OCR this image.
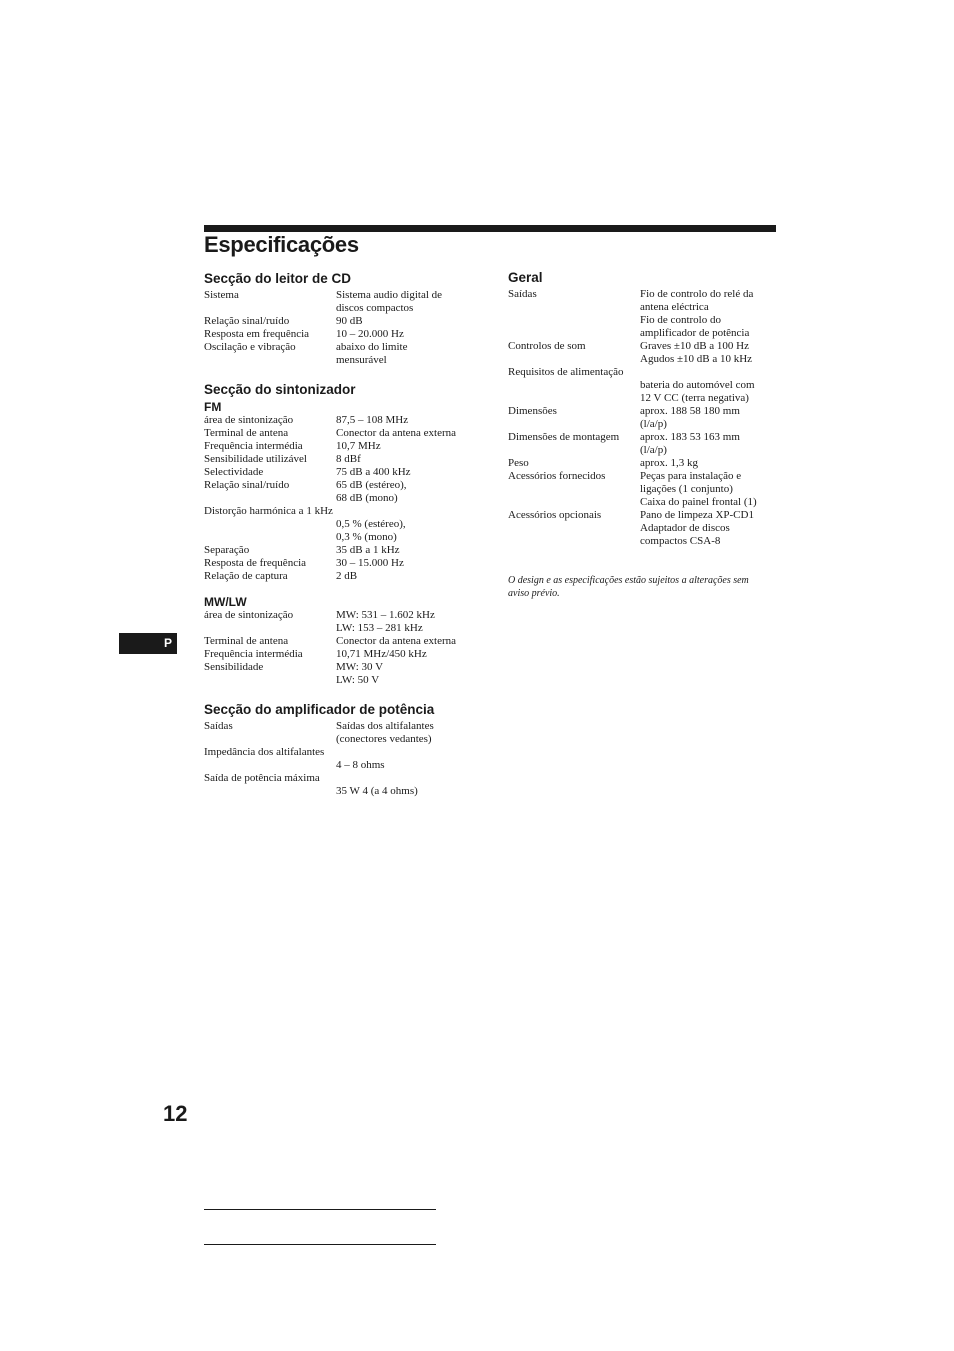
Especificações
Secção do leitor de CD
Sistema	Sistema audio digital de
discos compactos
Relação sinal/ruído	90 dB
Resposta em frequência	10 – 20.000 Hz
Oscilação e vibração	abaixo do limite
mensurável
Secção do sintonizador
FM
área de sintonização	87,5 – 108 MHz
Terminal de antena	Conector da antena externa
Frequência intermédia	10,7 MHz
Sensibilidade utilizável	8 dBf
Selectividade	75 dB a 400 kHz
Relação sinal/ruído	65 dB (estéreo),
68 dB (mono)
Distorção harmónica a 1 kHz
0,5 % (estéreo),
0,3 % (mono)
Separação	35 dB a 1 kHz
Resposta de frequência	30 – 15.000 Hz
Relação de captura	2 dB
MW/LW
área de sintonização	MW: 531 – 1.602 kHz
LW: 153 – 281 kHz
Terminal de antena	Conector da antena externa
Frequência intermédia	10,71 MHz/450 kHz
Sensibilidade	MW: 30 V
LW: 50 V
Secção do amplificador de potência
Saídas	Saídas dos altifalantes
(conectores vedantes)
Impedância dos altifalantes
4 – 8 ohms
Saída de potência máxima
35 W 4 (a 4 ohms)
Geral
Saídas	Fio de controlo do relé da
antena eléctrica
Fio de controlo do
amplificador de potência
Controlos de som	Graves ±10 dB a 100 Hz
Agudos ±10 dB a 10 kHz
Requisitos de alimentação
bateria do automóvel com
12 V CC (terra negativa)
Dimensões	aprox. 188 58 180 mm
(l/a/p)
Dimensões de montagem	aprox. 183 53 163 mm
(l/a/p)
Peso	aprox. 1,3 kg
Acessórios fornecidos	Peças para instalação e
ligações (1 conjunto)
Caixa do painel frontal (1)
Acessórios opcionais	Pano de limpeza XP-CD1
Adaptador de discos
compactos CSA-8
O design e as especificações estão sujeitos a alterações sem
aviso prévio.
P
12
